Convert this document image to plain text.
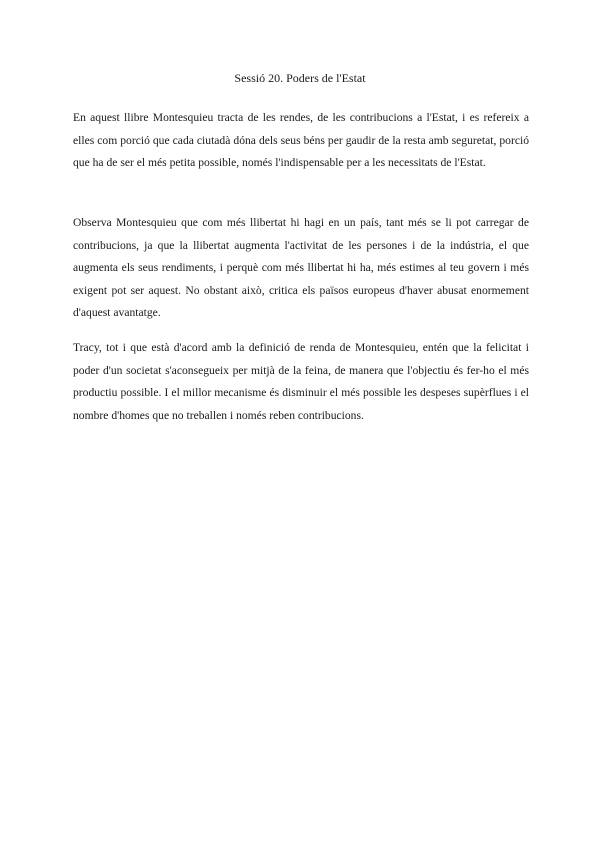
Sessió 20. Poders de l'Estat

En aquest llibre Montesquieu tracta de les rendes, de les contribucions a l'Estat, i es refereix a elles com porció que cada ciutadà dóna dels seus béns per gaudir de la resta amb seguretat, porció que ha de ser el més petita possible, només l'indispensable per a les necessitats de l'Estat.

Observa Montesquieu que com més llibertat hi hagi en un país, tant més se li pot carregar de contribucions, ja que la llibertat augmenta l'activitat de les persones i de la indústria, el que augmenta els seus rendiments, i perquè com més llibertat hi ha, més estimes al teu govern i més exigent pot ser aquest. No obstant això, critica els països europeus d'haver abusat enormement d'aquest avantatge.

Tracy, tot i que està d'acord amb la definició de renda de Montesquieu, entén que la felicitat i poder d'un societat s'aconsegueix per mitjà de la feina, de manera que l'objectiu és fer-ho el més productiu possible. I el millor mecanisme és disminuir el més possible les despeses supèrflues i el nombre d'homes que no treballen i només reben contribucions.
